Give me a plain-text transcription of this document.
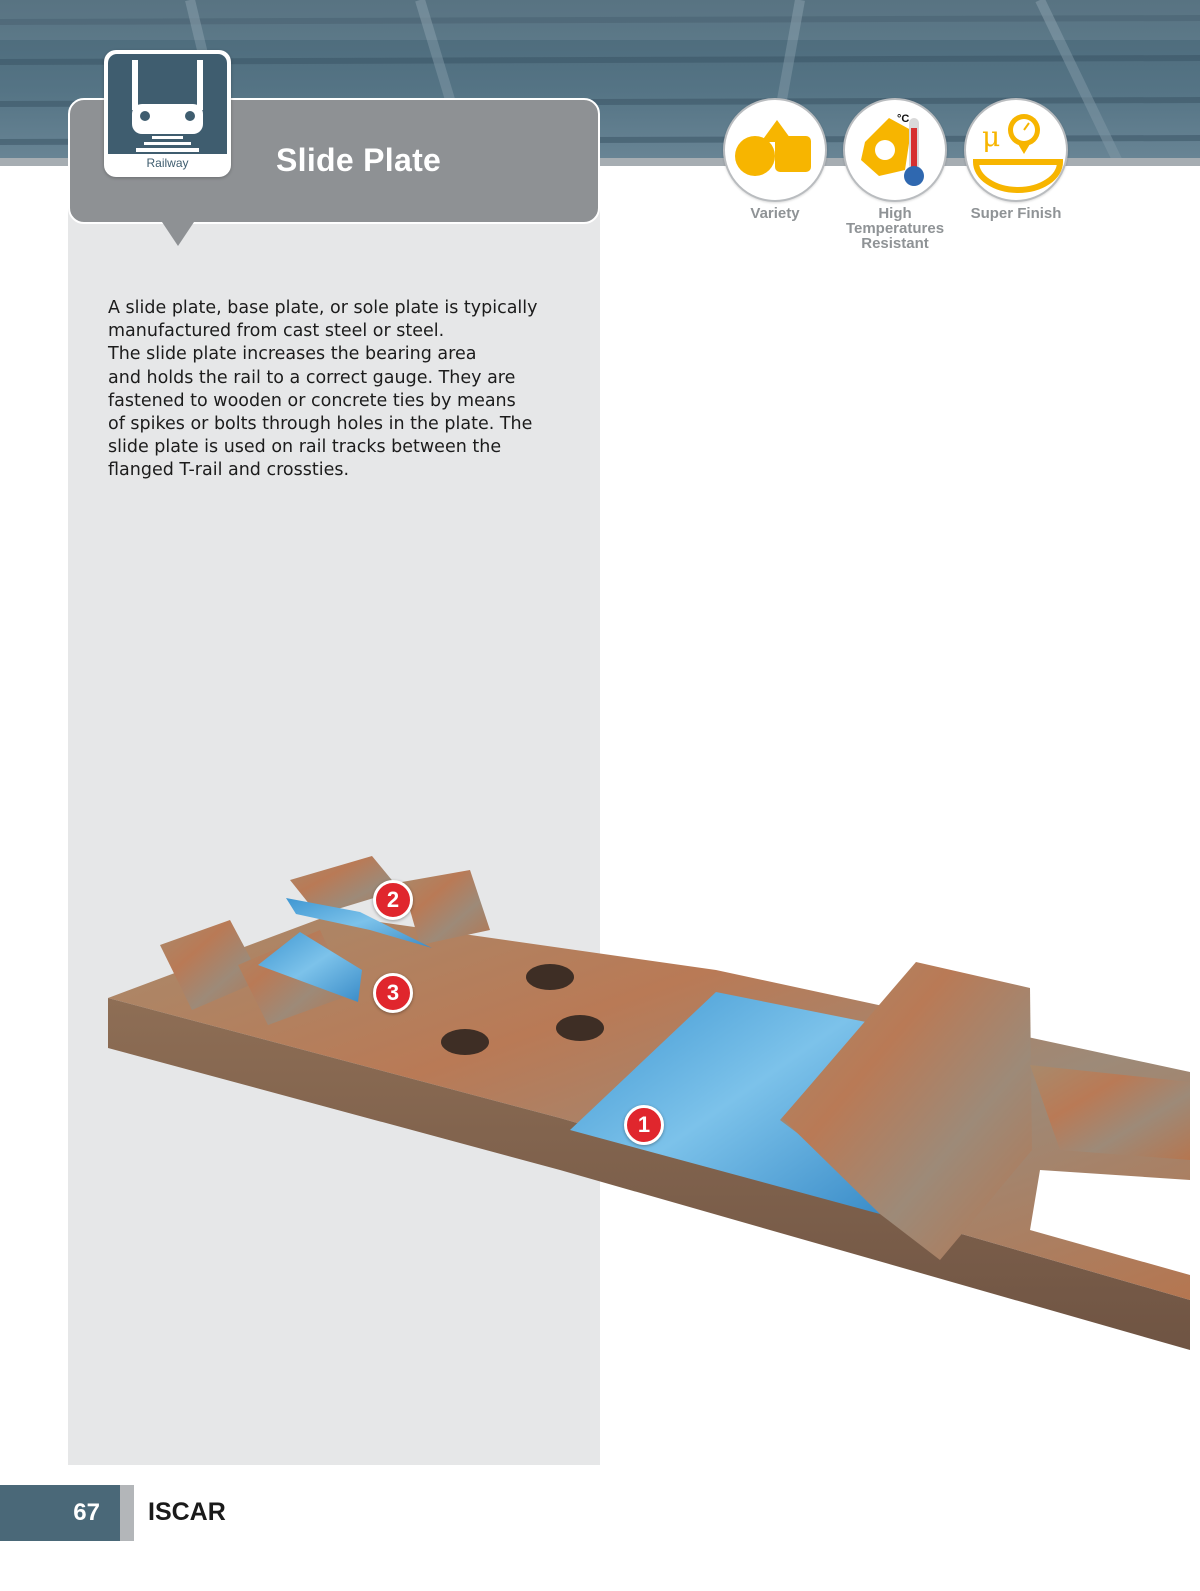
Slide Plate
Railway
Variety
°C
High
Temperatures
Resistant
μ
Super Finish
A slide plate, base plate, or sole plate is typically
manufactured from cast steel or steel.
The slide plate increases the bearing area
and holds the rail to a correct gauge. They are
fastened to wooden or concrete ties by means
of spikes or bolts through holes in the plate. The
slide plate is used on rail tracks between the
flanged T-rail and crossties.
2
3
1
67	ISCAR
